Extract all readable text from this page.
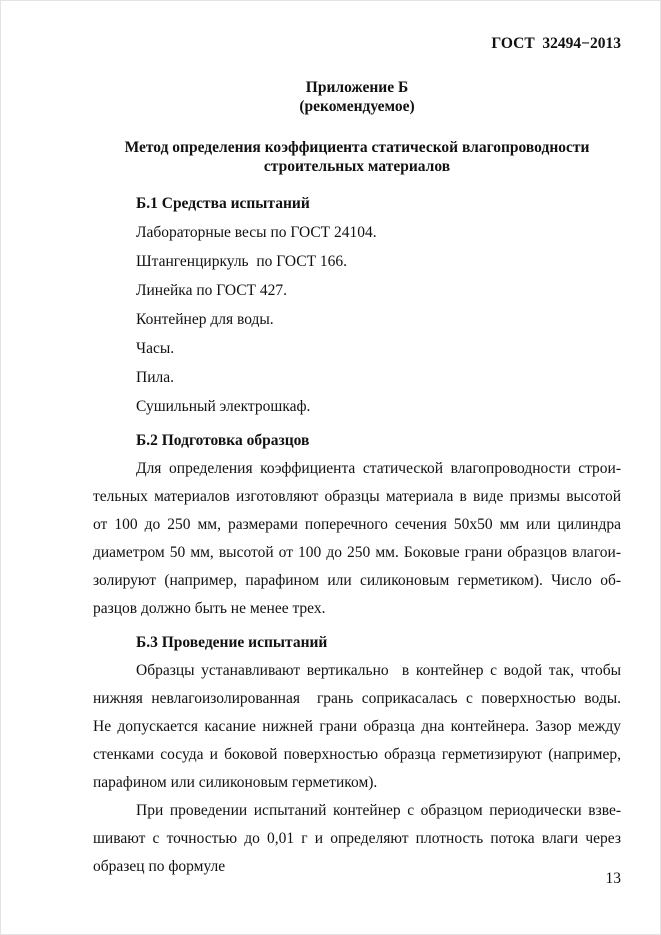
ГОСТ  32494−2013
Приложение Б
(рекомендуемое)
Метод определения коэффициента статической влагопроводности
строительных материалов
Б.1 Средства испытаний
Лабораторные весы по ГОСТ 24104.
Штангенциркуль  по ГОСТ 166.
Линейка по ГОСТ 427.
Контейнер для воды.
Часы.
Пила.
Сушильный электрошкаф.
Б.2 Подготовка образцов
Для определения коэффициента статической влагопроводности строи-
тельных материалов изготовляют образцы материала в виде призмы высотой
от 100 до 250 мм, размерами поперечного сечения 50х50 мм или цилиндра
диаметром 50 мм, высотой от 100 до 250 мм. Боковые грани образцов влагои-
золируют (например, парафином или силиконовым герметиком). Число об-
разцов должно быть не менее трех.
Б.3 Проведение испытаний
Образцы устанавливают вертикально  в контейнер с водой так, чтобы
нижняя невлагоизолированная  грань соприкасалась с поверхностью воды.
Не допускается касание нижней грани образца дна контейнера. Зазор между
стенками сосуда и боковой поверхностью образца герметизируют (например,
парафином или силиконовым герметиком).
При проведении испытаний контейнер с образцом периодически взве-
шивают с точностью до 0,01 г и определяют плотность потока влаги через
образец по формуле
13
